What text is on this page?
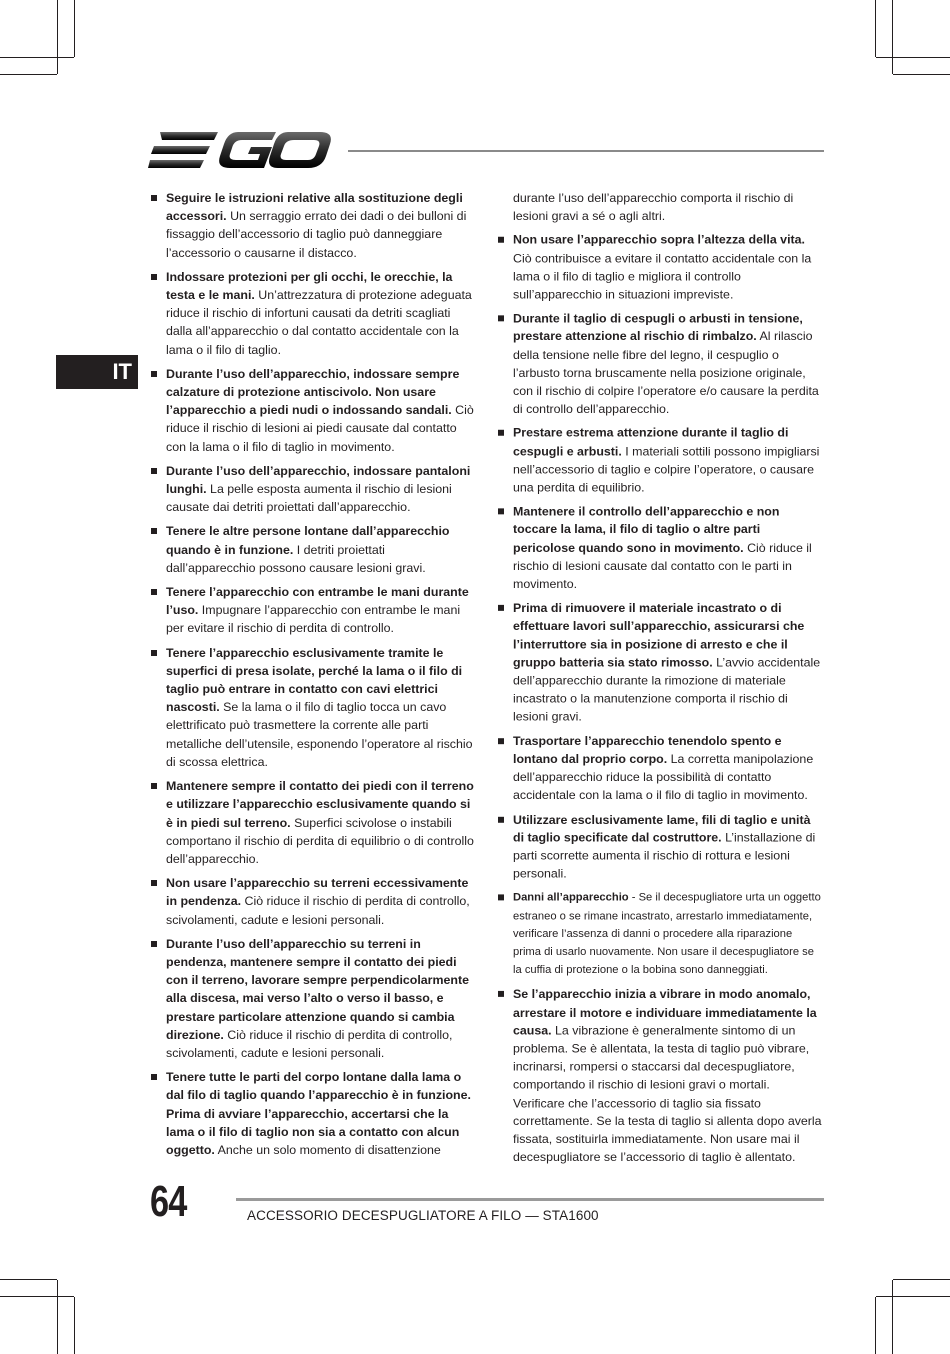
IT
Seguire le istruzioni relative alla sostituzione degli accessori. Un serraggio errato dei dadi o dei bulloni di fissaggio dell’accessorio di taglio può danneggiare l’accessorio o causarne il distacco.
Indossare protezioni per gli occhi, le orecchie, la testa e le mani. Un’attrezzatura di protezione adeguata riduce il rischio di infortuni causati da detriti scagliati dalla all’apparecchio o dal contatto accidentale con la lama o il filo di taglio.
Durante l’uso dell’apparecchio, indossare sempre calzature di protezione antiscivolo. Non usare l’apparecchio a piedi nudi o indossando sandali. Ciò riduce il rischio di lesioni ai piedi causate dal contatto con la lama o il filo di taglio in movimento.
Durante l’uso dell’apparecchio, indossare pantaloni lunghi. La pelle esposta aumenta il rischio di lesioni causate dai detriti proiettati dall’apparecchio.
Tenere le altre persone lontane dall’apparecchio quando è in funzione. I detriti proiettati dall’apparecchio possono causare lesioni gravi.
Tenere l’apparecchio con entrambe le mani durante l’uso. Impugnare l’apparecchio con entrambe le mani per evitare il rischio di perdita di controllo.
Tenere l’apparecchio esclusivamente tramite le superfici di presa isolate, perché la lama o il filo di taglio può entrare in contatto con cavi elettrici nascosti. Se la lama o il filo di taglio tocca un cavo elettrificato può trasmettere la corrente alle parti metalliche dell’utensile, esponendo l’operatore al rischio di scossa elettrica.
Mantenere sempre il contatto dei piedi con il terreno e utilizzare l’apparecchio esclusivamente quando si è in piedi sul terreno. Superfici scivolose o instabili comportano il rischio di perdita di equilibrio o di controllo dell’apparecchio.
Non usare l’apparecchio su terreni eccessivamente in pendenza. Ciò riduce il rischio di perdita di controllo, scivolamenti, cadute e lesioni personali.
Durante l’uso dell’apparecchio su terreni in pendenza, mantenere sempre il contatto dei piedi con il terreno, lavorare sempre perpendicolarmente alla discesa, mai verso l’alto o verso il basso, e prestare particolare attenzione quando si cambia direzione. Ciò riduce il rischio di perdita di controllo, scivolamenti, cadute e lesioni personali.
Tenere tutte le parti del corpo lontane dalla lama o dal filo di taglio quando l’apparecchio è in funzione. Prima di avviare l’apparecchio, accertarsi che la lama o il filo di taglio non sia a contatto con alcun oggetto. Anche un solo momento di disattenzione
durante l’uso dell’apparecchio comporta il rischio di lesioni gravi a sé o agli altri.
Non usare l’apparecchio sopra l’altezza della vita. Ciò contribuisce a evitare il contatto accidentale con la lama o il filo di taglio e migliora il controllo sull’apparecchio in situazioni impreviste.
Durante il taglio di cespugli o arbusti in tensione, prestare attenzione al rischio di rimbalzo. Al rilascio della tensione nelle fibre del legno, il cespuglio o l’arbusto torna bruscamente nella posizione originale, con il rischio di colpire l’operatore e/o causare la perdita di controllo dell’apparecchio.
Prestare estrema attenzione durante il taglio di cespugli e arbusti. I materiali sottili possono impigliarsi nell’accessorio di taglio e colpire l’operatore, o causare una perdita di equilibrio.
Mantenere il controllo dell’apparecchio e non toccare la lama, il filo di taglio o altre parti pericolose quando sono in movimento. Ciò riduce il rischio di lesioni causate dal contatto con le parti in movimento.
Prima di rimuovere il materiale incastrato o di effettuare lavori sull’apparecchio, assicurarsi che l’interruttore sia in posizione di arresto e che il gruppo batteria sia stato rimosso. L’avvio accidentale dell’apparecchio durante la rimozione di materiale incastrato o la manutenzione comporta il rischio di lesioni gravi.
Trasportare l’apparecchio tenendolo spento e lontano dal proprio corpo. La corretta manipolazione dell’apparecchio riduce la possibilità di contatto accidentale con la lama o il filo di taglio in movimento.
Utilizzare esclusivamente lame, fili di taglio e unità di taglio specificate dal costruttore. L’installazione di parti scorrette aumenta il rischio di rottura e lesioni personali.
Danni all’apparecchio - Se il decespugliatore urta un oggetto estraneo o se rimane incastrato, arrestarlo immediatamente, verificare l’assenza di danni o procedere alla riparazione prima di usarlo nuovamente. Non usare il decespugliatore se la cuffia di protezione o la bobina sono danneggiati.
Se l’apparecchio inizia a vibrare in modo anomalo, arrestare il motore e individuare immediatamente la causa. La vibrazione è generalmente sintomo di un problema. Se è allentata, la testa di taglio può vibrare, incrinarsi, rompersi o staccarsi dal decespugliatore, comportando il rischio di lesioni gravi o mortali. Verificare che l’accessorio di taglio sia fissato correttamente. Se la testa di taglio si allenta dopo averla fissata, sostituirla immediatamente. Non usare mai il decespugliatore se l’accessorio di taglio è allentato.
64	ACCESSORIO DECESPUGLIATORE A FILO — STA1600
